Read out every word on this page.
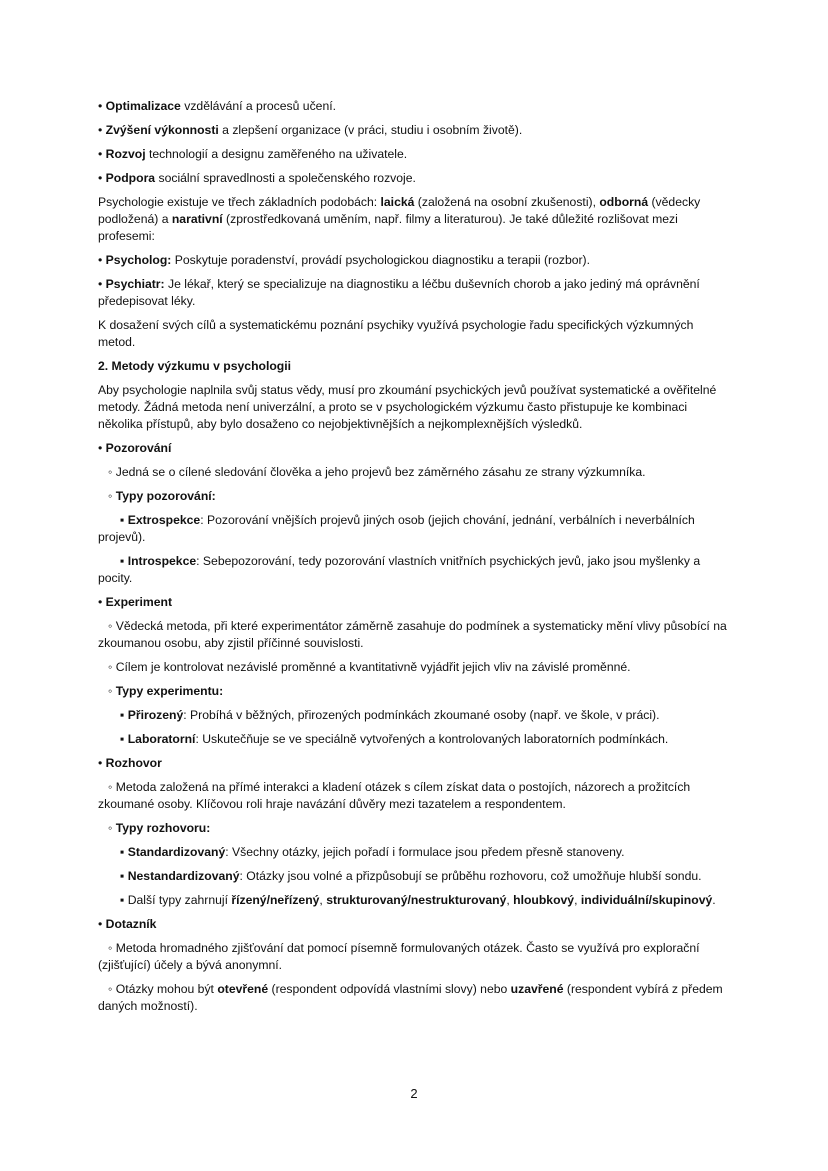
• Optimalizace vzdělávání a procesů učení.
• Zvýšení výkonnosti a zlepšení organizace (v práci, studiu i osobním životě).
• Rozvoj technologií a designu zaměřeného na uživatele.
• Podpora sociální spravedlnosti a společenského rozvoje.
Psychologie existuje ve třech základních podobách: laická (založená na osobní zkušenosti), odborná (vědecky podložená) a narativní (zprostředkovaná uměním, např. filmy a literaturou). Je také důležité rozlišovat mezi profesemi:
• Psycholog: Poskytuje poradenství, provádí psychologickou diagnostiku a terapii (rozbor).
• Psychiatr: Je lékař, který se specializuje na diagnostiku a léčbu duševních chorob a jako jediný má oprávnění předepisovat léky.
K dosažení svých cílů a systematickému poznání psychiky využívá psychologie řadu specifických výzkumných metod.
2. Metody výzkumu v psychologii
Aby psychologie naplnila svůj status vědy, musí pro zkoumání psychických jevů používat systematické a ověřitelné metody. Žádná metoda není univerzální, a proto se v psychologickém výzkumu často přistupuje ke kombinaci několika přístupů, aby bylo dosaženo co nejobjektivnějších a nejkomplexnějších výsledků.
• Pozorování
◦ Jedná se o cílené sledování člověka a jeho projevů bez záměrného zásahu ze strany výzkumníka.
◦ Typy pozorování:
▪ Extrospekce: Pozorování vnějších projevů jiných osob (jejich chování, jednání, verbálních i neverbálních projevů).
▪ Introspekce: Sebepozorování, tedy pozorování vlastních vnitřních psychických jevů, jako jsou myšlenky a pocity.
• Experiment
◦ Vědecká metoda, při které experimentátor záměrně zasahuje do podmínek a systematicky mění vlivy působící na zkoumanou osobu, aby zjistil příčinné souvislosti.
◦ Cílem je kontrolovat nezávislé proměnné a kvantitativně vyjádřit jejich vliv na závislé proměnné.
◦ Typy experimentu:
▪ Přirozený: Probíhá v běžných, přirozených podmínkách zkoumané osoby (např. ve škole, v práci).
▪ Laboratorní: Uskutečňuje se ve speciálně vytvořených a kontrolovaných laboratorních podmínkách.
• Rozhovor
◦ Metoda založená na přímé interakci a kladení otázek s cílem získat data o postojích, názorech a prožitcích zkoumané osoby. Klíčovou roli hraje navázání důvěry mezi tazatelem a respondentem.
◦ Typy rozhovoru:
▪ Standardizovaný: Všechny otázky, jejich pořadí i formulace jsou předem přesně stanoveny.
▪ Nestandardizovaný: Otázky jsou volné a přizpůsobují se průběhu rozhovoru, což umožňuje hlubší sondu.
▪ Další typy zahrnují řízený/neřízený, strukturovaný/nestrukturovaný, hloubkový, individuální/skupinový.
• Dotazník
◦ Metoda hromadného zjišťování dat pomocí písemně formulovaných otázek. Často se využívá pro explorační (zjišťující) účely a bývá anonymní.
◦ Otázky mohou být otevřené (respondent odpovídá vlastními slovy) nebo uzavřené (respondent vybírá z předem daných možností).
2
